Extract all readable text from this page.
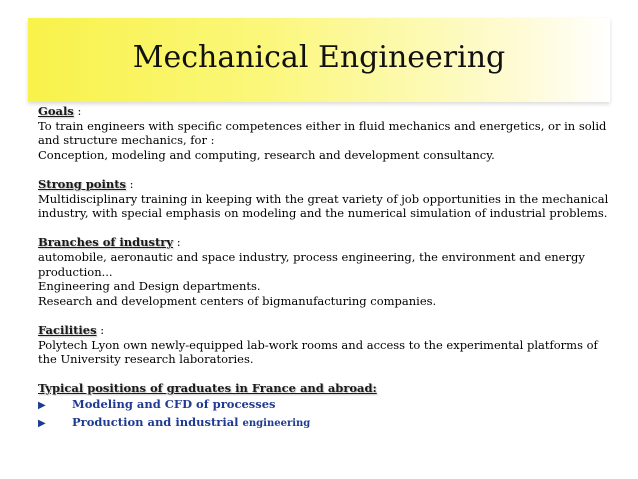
Mechanical Engineering
Goals :
To train engineers with specific competences either in fluid mechanics and energetics, or in solid
and structure mechanics, for :
Conception, modeling and computing, research and development consultancy.
Strong points :
Multidisciplinary training in keeping with the great variety of job opportunities in the mechanical
industry, with special emphasis on modeling and the numerical simulation of industrial problems.
Branches of industry :
automobile, aeronautic and space industry, process engineering, the environment and energy
production...
Engineering and Design departments.
Research and development centers of bigmanufacturing companies.
Facilities :
Polytech Lyon own newly-equipped lab-work rooms and access to the experimental platforms of
the University research laboratories.
Typical positions of graduates in France and abroad:
▶ Modeling and CFD of processes
▶ Production and industrial engineering
